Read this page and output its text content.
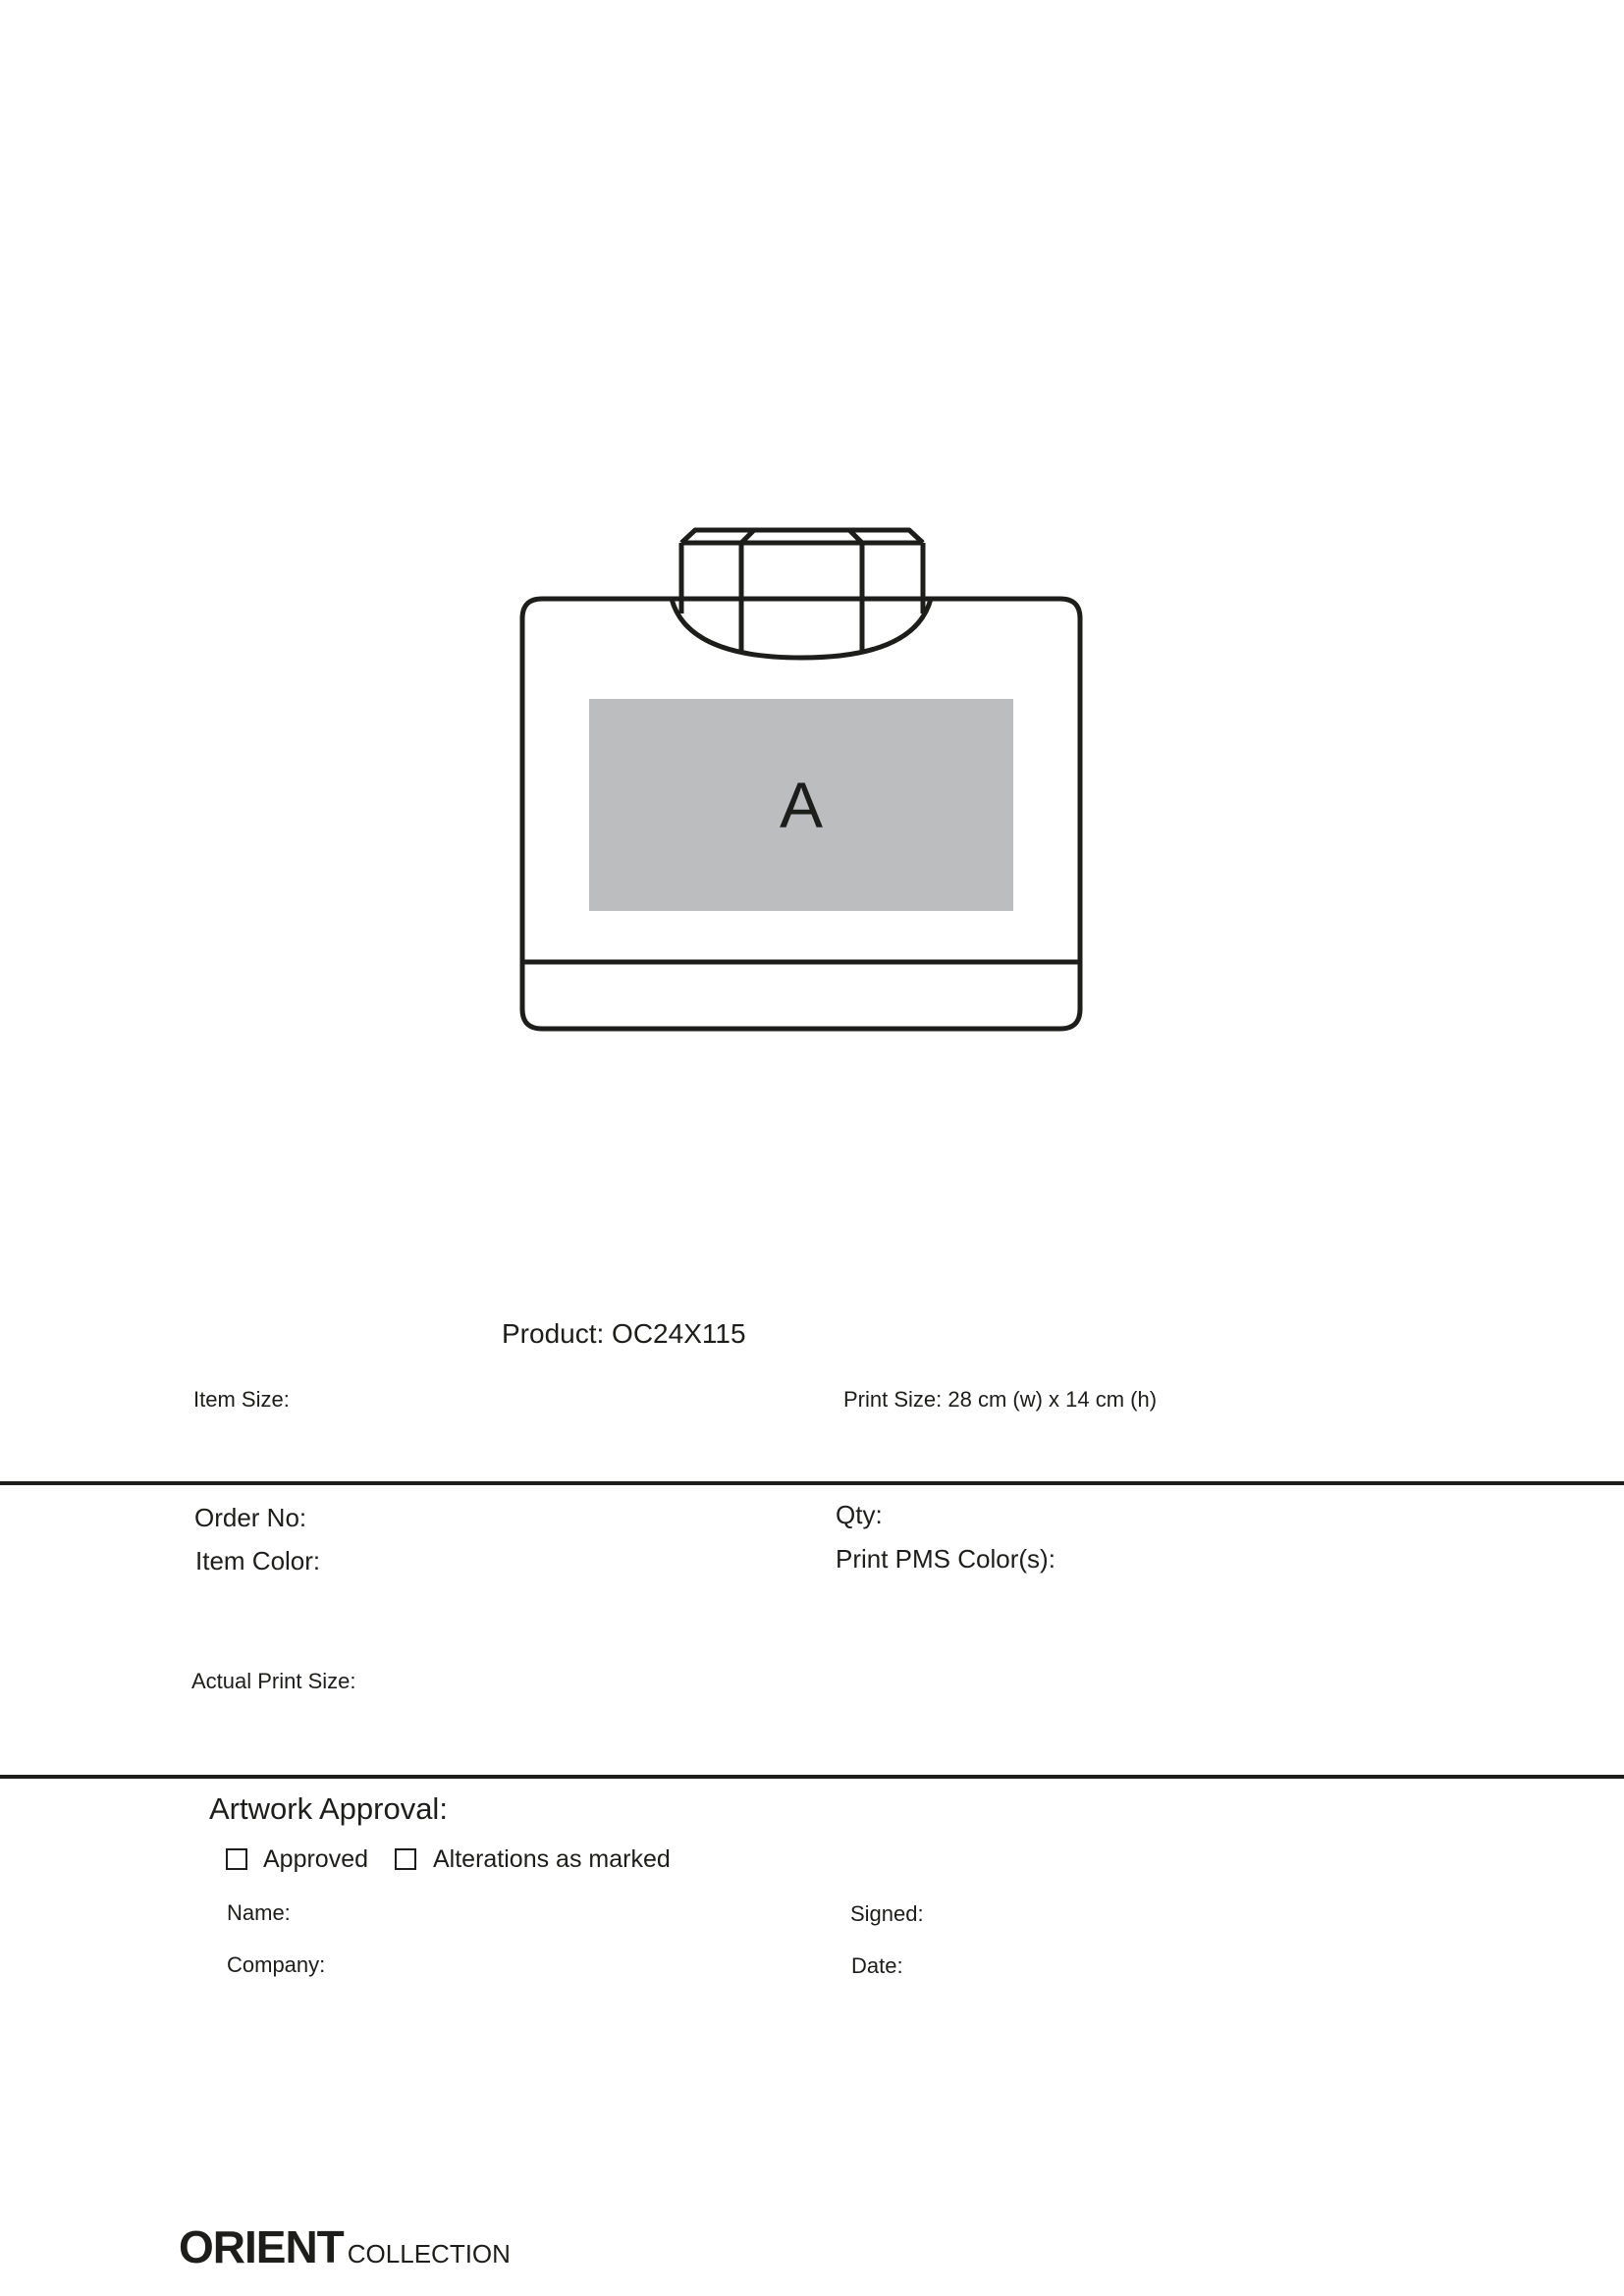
A
Product: OC24X115
Item Size:	Print Size: 28 cm (w) x 14 cm (h)
Order No:	Qty:
Item Color:	Print PMS Color(s):
Actual Print Size:
Artwork Approval:
Approved	Alterations as marked
Name:	Signed:
Company:	Date:
ORIENT COLLECTION
